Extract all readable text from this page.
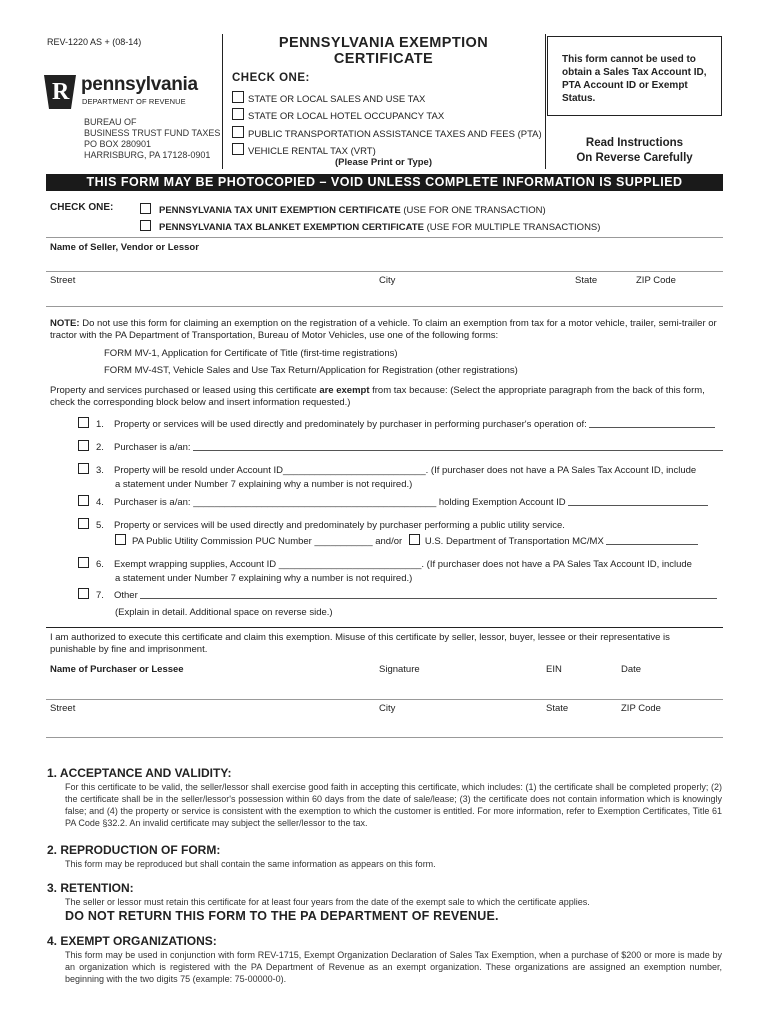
REV-1220 AS + (08-14)
R pennsylvania
DEPARTMENT OF REVENUE
BUREAU OF
BUSINESS TRUST FUND TAXES
PO BOX 280901
HARRISBURG, PA 17128-0901
PENNSYLVANIA EXEMPTION
CERTIFICATE
CHECK ONE:
STATE OR LOCAL SALES AND USE TAX
STATE OR LOCAL HOTEL OCCUPANCY TAX
PUBLIC TRANSPORTATION ASSISTANCE TAXES AND FEES (PTA)
VEHICLE RENTAL TAX (VRT)
(Please Print or Type)
This form cannot be used to obtain a Sales Tax Account ID, PTA Account ID or Exempt Status.
Read Instructions
On Reverse Carefully
THIS FORM MAY BE PHOTOCOPIED – VOID UNLESS COMPLETE INFORMATION IS SUPPLIED
CHECK ONE:	PENNSYLVANIA TAX UNIT EXEMPTION CERTIFICATE (USE FOR ONE TRANSACTION)
PENNSYLVANIA TAX BLANKET EXEMPTION CERTIFICATE (USE FOR MULTIPLE TRANSACTIONS)
Name of Seller, Vendor or Lessor
Street	City	State	ZIP Code
NOTE: Do not use this form for claiming an exemption on the registration of a vehicle. To claim an exemption from tax for a motor vehicle, trailer, semi-trailer or tractor with the PA Department of Transportation, Bureau of Motor Vehicles, use one of the following forms:
FORM MV-1, Application for Certificate of Title (first-time registrations)
FORM MV-4ST, Vehicle Sales and Use Tax Return/Application for Registration (other registrations)
Property and services purchased or leased using this certificate are exempt from tax because: (Select the appropriate paragraph from the back of this form, check the corresponding block below and insert information requested.)
1. Property or services will be used directly and predominately by purchaser in performing purchaser's operation of:
2. Purchaser is a/an:
3. Property will be resold under Account ID___________________________. (If purchaser does not have a PA Sales Tax Account ID, include
a statement under Number 7 explaining why a number is not required.)
4. Purchaser is a/an: ______________________________________________ holding Exemption Account ID
5. Property or services will be used directly and predominately by purchaser performing a public utility service.
PA Public Utility Commission PUC Number ___________ and/or U.S. Department of Transportation MC/MX
6. Exempt wrapping supplies, Account ID ___________________________. (If purchaser does not have a PA Sales Tax Account ID, include
a statement under Number 7 explaining why a number is not required.)
7. Other
(Explain in detail. Additional space on reverse side.)
I am authorized to execute this certificate and claim this exemption. Misuse of this certificate by seller, lessor, buyer, lessee or their representative is punishable by fine and imprisonment.
Name of Purchaser or Lessee	Signature	EIN	Date
Street	City	State	ZIP Code
1. ACCEPTANCE AND VALIDITY:
For this certificate to be valid, the seller/lessor shall exercise good faith in accepting this certificate, which includes: (1) the certificate shall be completed properly; (2) the certificate shall be in the seller/lessor's possession within 60 days from the date of sale/lease; (3) the certificate does not contain information which is knowingly false; and (4) the property or service is consistent with the exemption to which the customer is entitled. For more information, refer to Exemption Certificates, Title 61 PA Code §32.2. An invalid certificate may subject the seller/lessor to the tax.
2. REPRODUCTION OF FORM:
This form may be reproduced but shall contain the same information as appears on this form.
3. RETENTION:
The seller or lessor must retain this certificate for at least four years from the date of the exempt sale to which the certificate applies.
DO NOT RETURN THIS FORM TO THE PA DEPARTMENT OF REVENUE.
4. EXEMPT ORGANIZATIONS:
This form may be used in conjunction with form REV-1715, Exempt Organization Declaration of Sales Tax Exemption, when a purchase of $200 or more is made by an organization which is registered with the PA Department of Revenue as an exempt organization. These organizations are assigned an exemption number, beginning with the two digits 75 (example: 75-00000-0).
